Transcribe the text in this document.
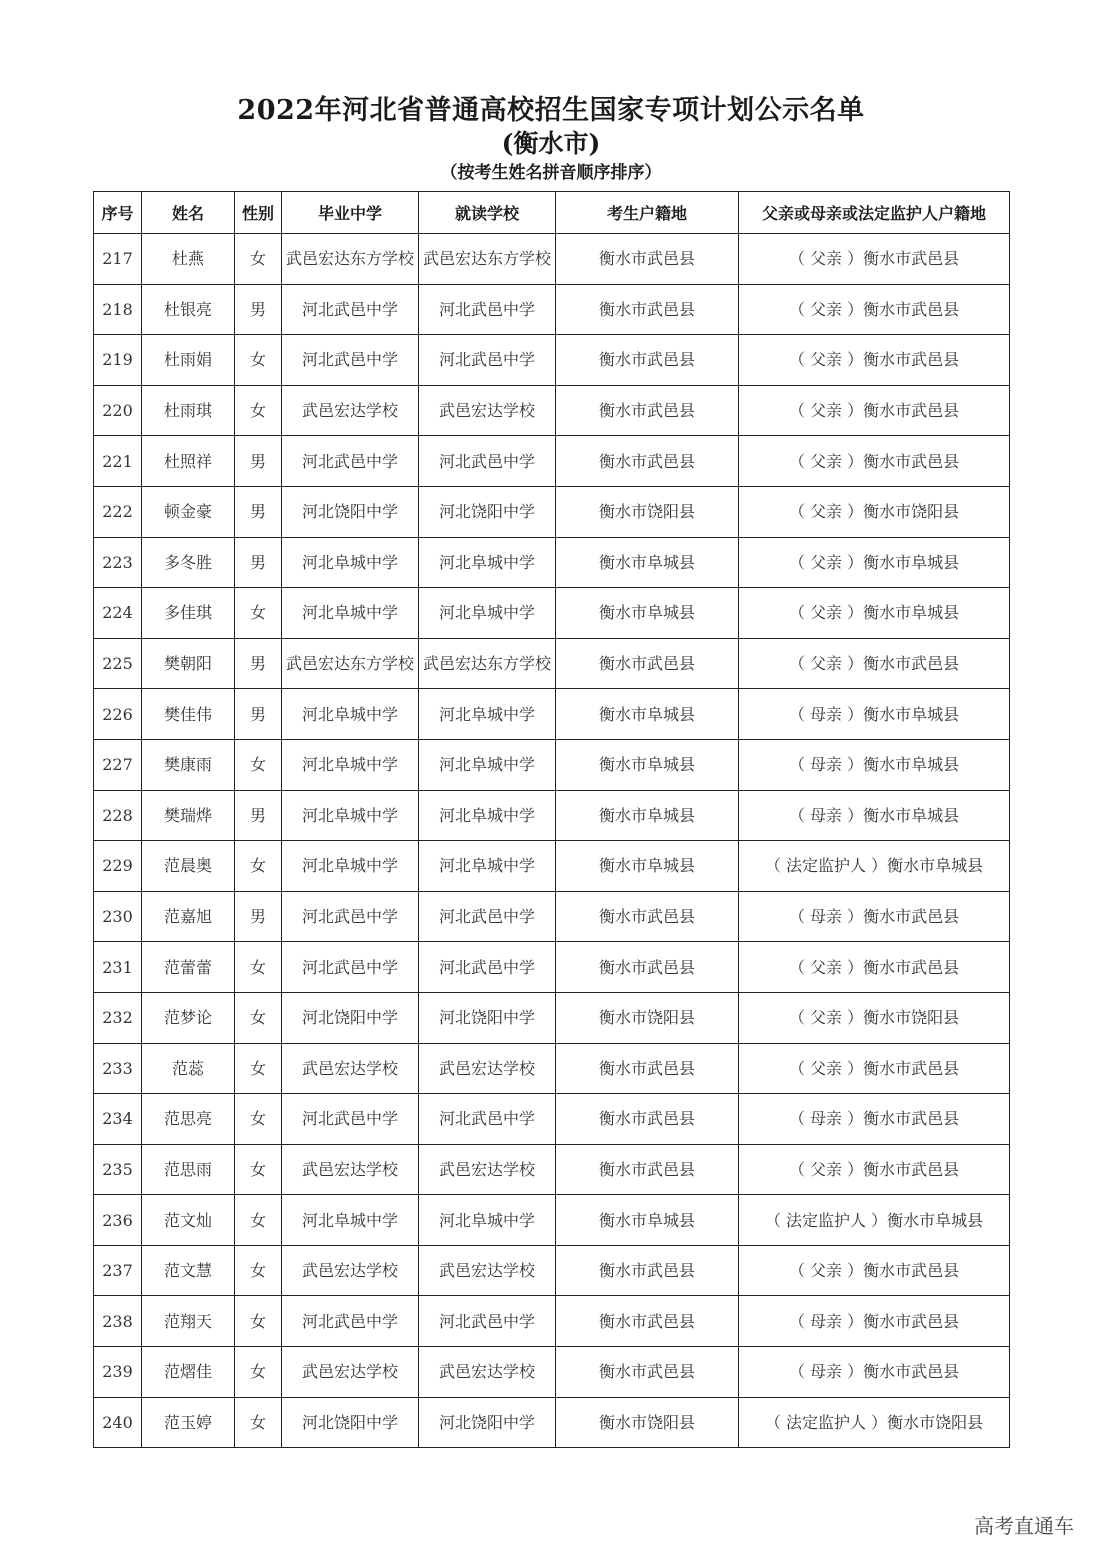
2022年河北省普通高校招生国家专项计划公示名单
(衡水市)
（按考生姓名拼音顺序排序）
序号	姓名	性别	毕业中学	就读学校	考生户籍地	父亲或母亲或法定监护人户籍地
217	杜燕	女	武邑宏达东方学校	武邑宏达东方学校	衡水市武邑县	（ 父亲 ）衡水市武邑县
218	杜银亮	男	河北武邑中学	河北武邑中学	衡水市武邑县	（ 父亲 ）衡水市武邑县
219	杜雨娟	女	河北武邑中学	河北武邑中学	衡水市武邑县	（ 父亲 ）衡水市武邑县
220	杜雨琪	女	武邑宏达学校	武邑宏达学校	衡水市武邑县	（ 父亲 ）衡水市武邑县
221	杜照祥	男	河北武邑中学	河北武邑中学	衡水市武邑县	（ 父亲 ）衡水市武邑县
222	顿金豪	男	河北饶阳中学	河北饶阳中学	衡水市饶阳县	（ 父亲 ）衡水市饶阳县
223	多冬胜	男	河北阜城中学	河北阜城中学	衡水市阜城县	（ 父亲 ）衡水市阜城县
224	多佳琪	女	河北阜城中学	河北阜城中学	衡水市阜城县	（ 父亲 ）衡水市阜城县
225	樊朝阳	男	武邑宏达东方学校	武邑宏达东方学校	衡水市武邑县	（ 父亲 ）衡水市武邑县
226	樊佳伟	男	河北阜城中学	河北阜城中学	衡水市阜城县	（ 母亲 ）衡水市阜城县
227	樊康雨	女	河北阜城中学	河北阜城中学	衡水市阜城县	（ 母亲 ）衡水市阜城县
228	樊瑞烨	男	河北阜城中学	河北阜城中学	衡水市阜城县	（ 母亲 ）衡水市阜城县
229	范晨奥	女	河北阜城中学	河北阜城中学	衡水市阜城县	（ 法定监护人 ）衡水市阜城县
230	范嘉旭	男	河北武邑中学	河北武邑中学	衡水市武邑县	（ 母亲 ）衡水市武邑县
231	范蕾蕾	女	河北武邑中学	河北武邑中学	衡水市武邑县	（ 父亲 ）衡水市武邑县
232	范梦论	女	河北饶阳中学	河北饶阳中学	衡水市饶阳县	（ 父亲 ）衡水市饶阳县
233	范蕊	女	武邑宏达学校	武邑宏达学校	衡水市武邑县	（ 父亲 ）衡水市武邑县
234	范思亮	女	河北武邑中学	河北武邑中学	衡水市武邑县	（ 母亲 ）衡水市武邑县
235	范思雨	女	武邑宏达学校	武邑宏达学校	衡水市武邑县	（ 父亲 ）衡水市武邑县
236	范文灿	女	河北阜城中学	河北阜城中学	衡水市阜城县	（ 法定监护人 ）衡水市阜城县
237	范文慧	女	武邑宏达学校	武邑宏达学校	衡水市武邑县	（ 父亲 ）衡水市武邑县
238	范翔天	女	河北武邑中学	河北武邑中学	衡水市武邑县	（ 母亲 ）衡水市武邑县
239	范熠佳	女	武邑宏达学校	武邑宏达学校	衡水市武邑县	（ 母亲 ）衡水市武邑县
240	范玉婷	女	河北饶阳中学	河北饶阳中学	衡水市饶阳县	（ 法定监护人 ）衡水市饶阳县
高考直通车
